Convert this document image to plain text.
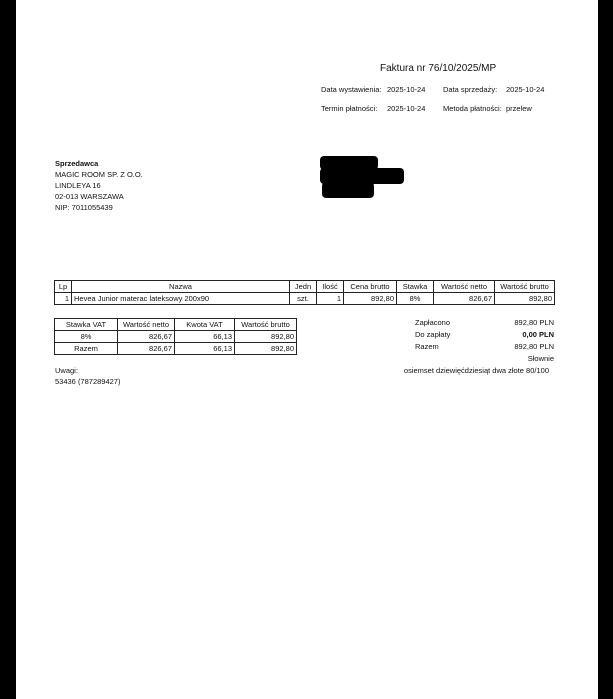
Faktura nr 76/10/2025/MP
Data wystawienia: 2025-10-24 Data sprzedaży: 2025-10-24
Termin płatności: 2025-10-24 Metoda płatności: przelew
Sprzedawca
MAGIC ROOM SP. Z O.O.
LINDLEYA 16
02-013 WARSZAWA
NIP: 7011055439
Lp	Nazwa	Jedn	Ilość	Cena brutto	Stawka	Wartość netto	Wartość brutto
1	Hevea Junior materac lateksowy 200x90	szt.	1	892,80	8%	826,67	892,80
Stawka VAT	Wartość netto	Kwota VAT	Wartość brutto
8%	826,67	66,13	892,80
Razem	826,67	66,13	892,80
Zapłacono	892,80 PLN
Do zapłaty	0,00 PLN
Razem	892,80 PLN
Słownie
osiemset dziewięćdziesiąt dwa złote 80/100
Uwagi:
53436 (787289427)
